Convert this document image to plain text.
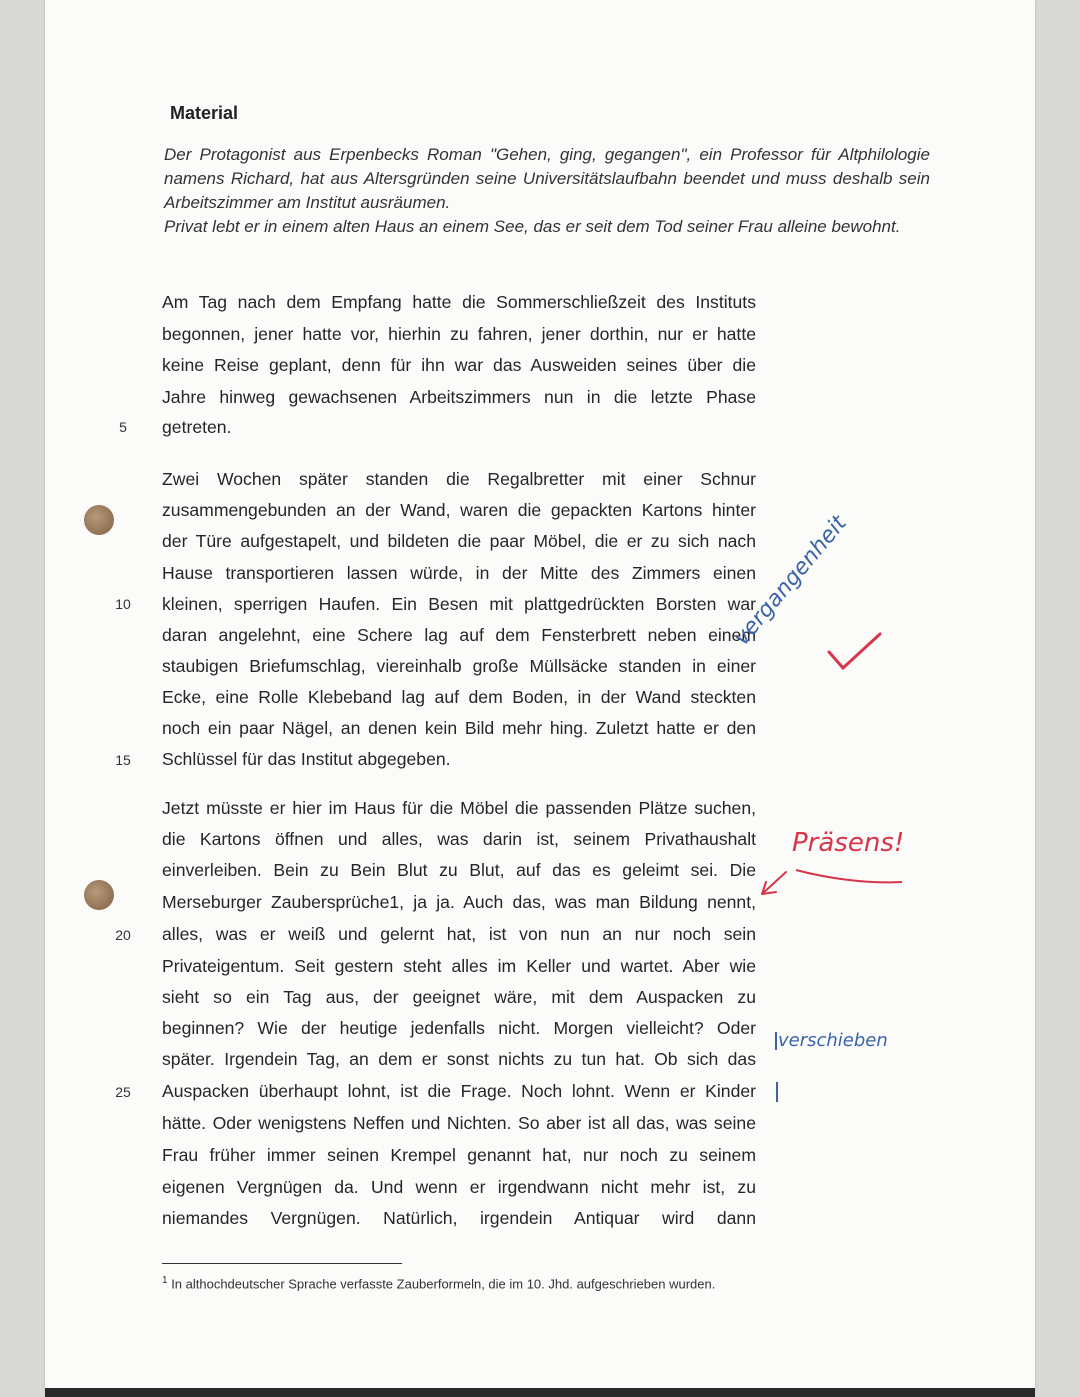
Material

Der Protagonist aus Erpenbecks Roman "Gehen, ging, gegangen", ein Professor für Altphilologie namens Richard, hat aus Altersgründen seine Universitätslaufbahn beendet und muss deshalb sein Arbeitszimmer am Institut ausräumen.

Privat lebt er in einem alten Haus an einem See, das er seit dem Tod seiner Frau alleine bewohnt.

5
10
15
20
25
Am Tag nach dem Empfang hatte die Sommerschließzeit des Instituts
begonnen, jener hatte vor, hierhin zu fahren, jener dorthin, nur er hatte
keine Reise geplant, denn für ihn war das Ausweiden seines über die
Jahre hinweg gewachsenen Arbeitszimmers nun in die letzte Phase
getreten.
Zwei Wochen später standen die Regalbretter mit einer Schnur
zusammengebunden an der Wand, waren die gepackten Kartons hinter
der Türe aufgestapelt, und bildeten die paar Möbel, die er zu sich nach
Hause transportieren lassen würde, in der Mitte des Zimmers einen
kleinen, sperrigen Haufen. Ein Besen mit plattgedrückten Borsten war
daran angelehnt, eine Schere lag auf dem Fensterbrett neben einem
staubigen Briefumschlag, viereinhalb große Müllsäcke standen in einer
Ecke, eine Rolle Klebeband lag auf dem Boden, in der Wand steckten
noch ein paar Nägel, an denen kein Bild mehr hing. Zuletzt hatte er den
Schlüssel für das Institut abgegeben.
Jetzt müsste er hier im Haus für die Möbel die passenden Plätze suchen,
die Kartons öffnen und alles, was darin ist, seinem Privathaushalt
einverleiben. Bein zu Bein Blut zu Blut, auf das es geleimt sei. Die
Merseburger Zaubersprüche1, ja ja. Auch das, was man Bildung nennt,
alles, was er weiß und gelernt hat, ist von nun an nur noch sein
Privateigentum. Seit gestern steht alles im Keller und wartet. Aber wie
sieht so ein Tag aus, der geeignet wäre, mit dem Auspacken zu
beginnen? Wie der heutige jedenfalls nicht. Morgen vielleicht? Oder
später. Irgendein Tag, an dem er sonst nichts zu tun hat. Ob sich das
Auspacken überhaupt lohnt, ist die Frage. Noch lohnt. Wenn er Kinder
hätte. Oder wenigstens Neffen und Nichten. So aber ist all das, was seine
Frau früher immer seinen Krempel genannt hat, nur noch zu seinem
eigenen Vergnügen da. Und wenn er irgendwann nicht mehr ist, zu
niemandes Vergnügen. Natürlich, irgendein Antiquar wird dann
vergangenheit
Präsens!
verschieben
$^1$ In althochdeutscher Sprache verfasste Zauberformeln, die im 10. Jhd. aufgeschrieben wurden.
